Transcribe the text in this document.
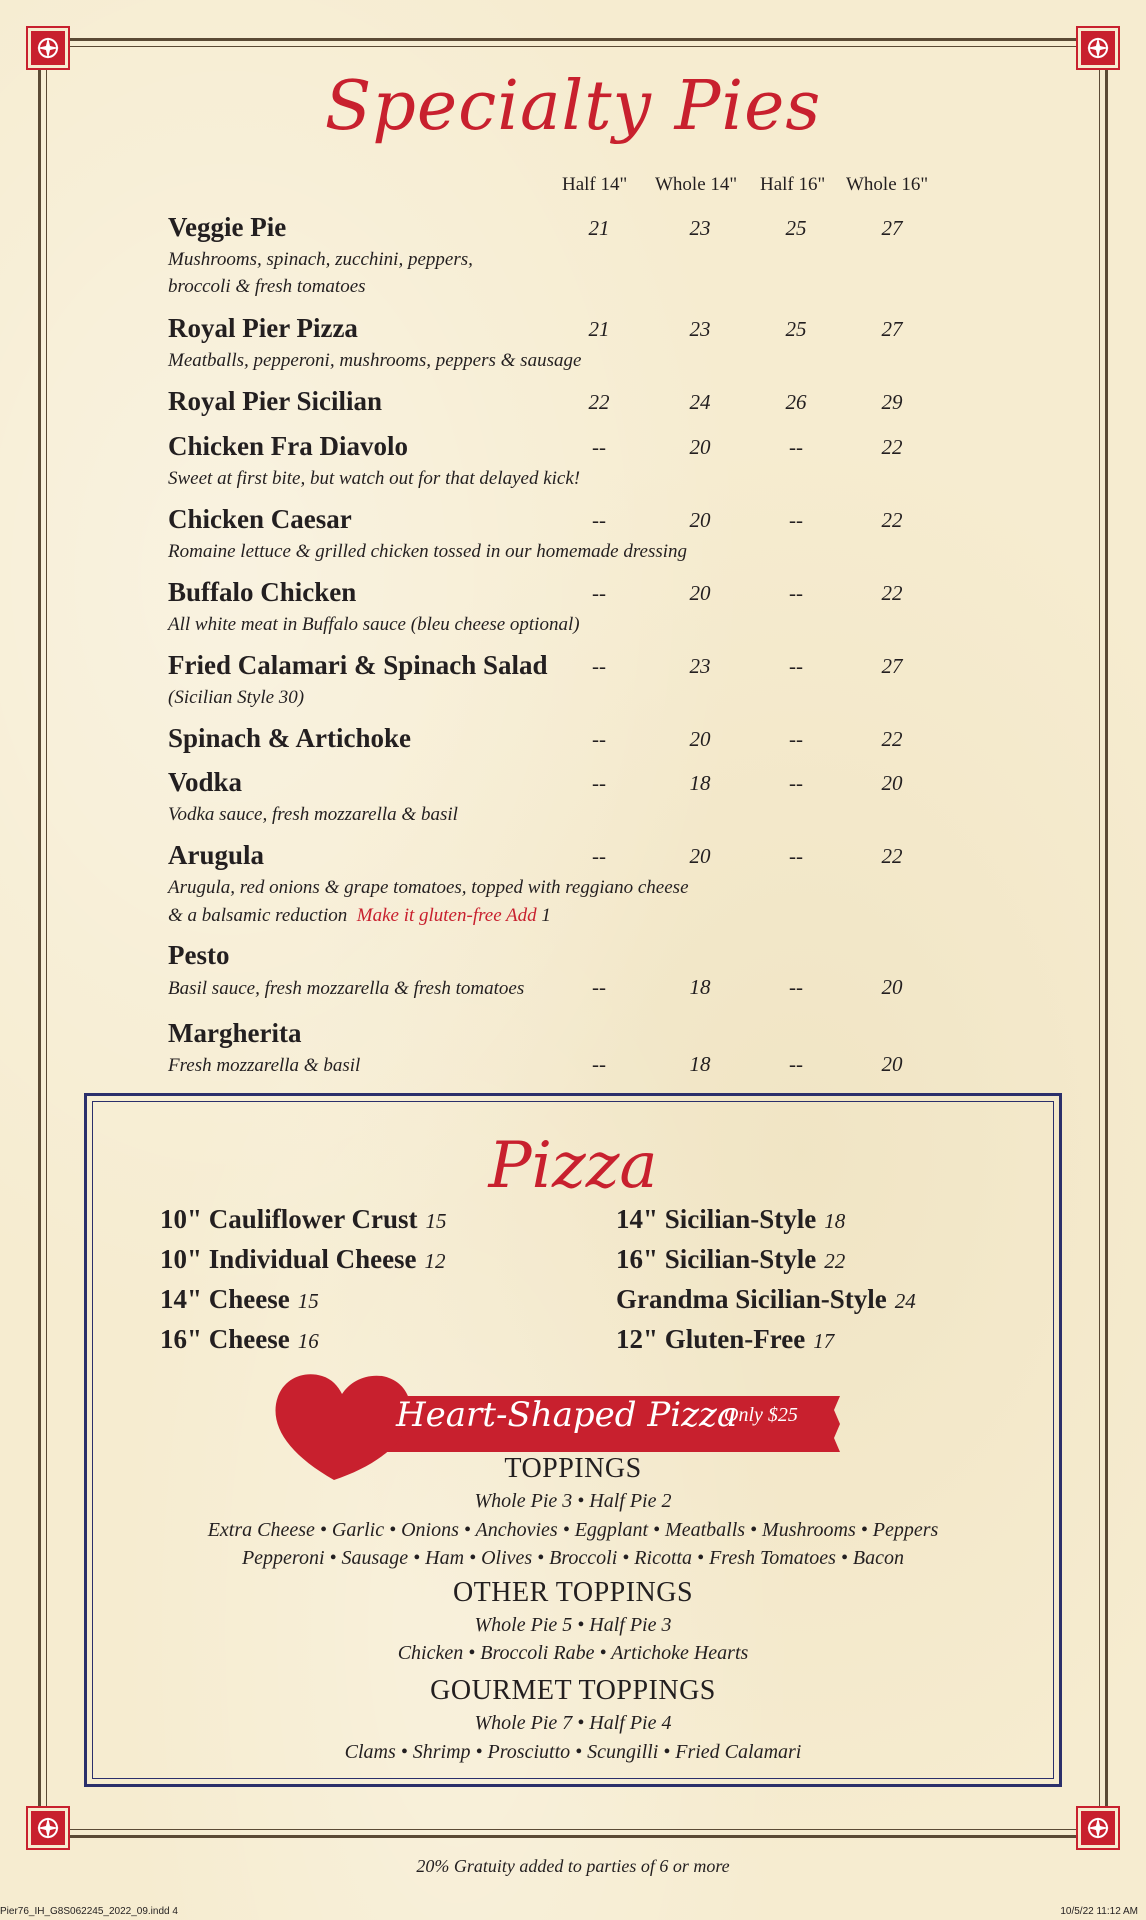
Specialty Pies
Half 14" Whole 14" Half 16" Whole 16"
Veggie Pie
Mushrooms, spinach, zucchini, peppers,
broccoli & fresh tomatoes
21	23	25	27
Royal Pier Pizza
Meatballs, pepperoni, mushrooms, peppers & sausage
21	23	25	27
Royal Pier Sicilian	22	24	26	29
Chicken Fra Diavolo
Sweet at first bite, but watch out for that delayed kick!
--	20	--	22
Chicken Caesar
Romaine lettuce & grilled chicken tossed in our homemade dressing
--	20	--	22
Buffalo Chicken
All white meat in Buffalo sauce (bleu cheese optional)
--	20	--	22
Fried Calamari & Spinach Salad
(Sicilian Style 30)
--	23	--	27
Spinach & Artichoke	--	20	--	22
Vodka
Vodka sauce, fresh mozzarella & basil
--	18	--	20
Arugula
Arugula, red onions & grape tomatoes, topped with reggiano cheese
& a balsamic reduction Make it gluten-free Add 1
--	20	--	22
Pesto
Basil sauce, fresh mozzarella & fresh tomatoes	--	18	--	20
Margherita
Fresh mozzarella & basil	--	18	--	20
Pizza
10" Cauliflower Crust 15
10" Individual Cheese 12
14" Cheese 15
16" Cheese 16
14" Sicilian-Style 18
16" Sicilian-Style 22
Grandma Sicilian-Style 24
12" Gluten-Free 17
Heart-Shaped Pizza
Only $25
TOPPINGS
Whole Pie 3 • Half Pie 2
Extra Cheese • Garlic • Onions • Anchovies • Eggplant • Meatballs • Mushrooms • Peppers
Pepperoni • Sausage • Ham • Olives • Broccoli • Ricotta • Fresh Tomatoes • Bacon
OTHER TOPPINGS
Whole Pie 5 • Half Pie 3
Chicken • Broccoli Rabe • Artichoke Hearts
GOURMET TOPPINGS
Whole Pie 7 • Half Pie 4
Clams • Shrimp • Prosciutto • Scungilli • Fried Calamari
20% Gratuity added to parties of 6 or more
Pier76_IH_G8S062245_2022_09.indd 4	10/5/22 11:12 AM
